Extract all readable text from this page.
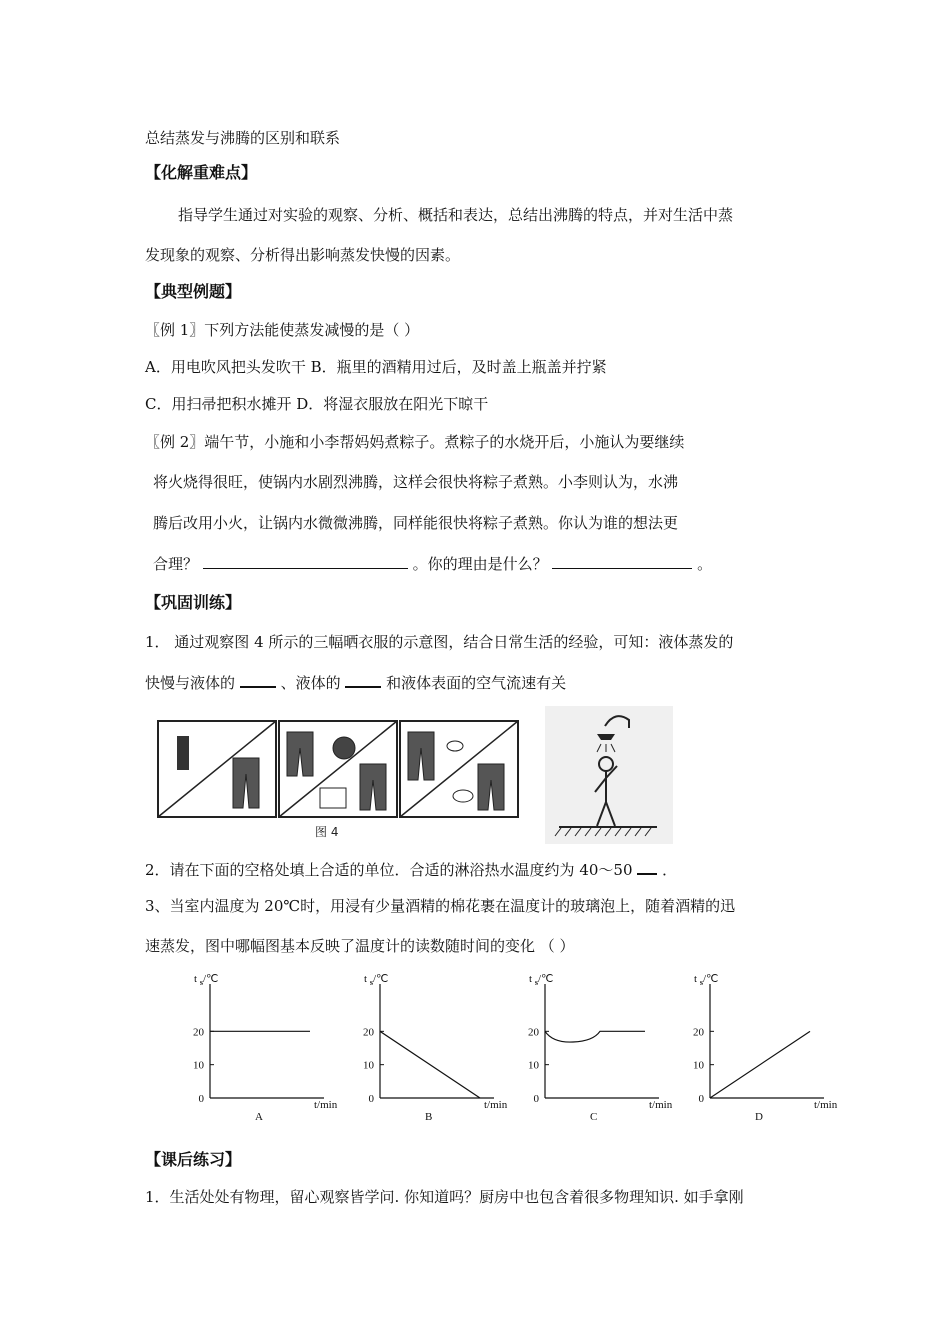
总结蒸发与沸腾的区别和联系
【化解重难点】
指导学生通过对实验的观察、分析、概括和表达，总结出沸腾的特点，并对生活中蒸
发现象的观察、分析得出影响蒸发快慢的因素。
【典型例题】
〖例 1〗下列方法能使蒸发减慢的是（ ）
A．用电吹风把头发吹干 B．瓶里的酒精用过后，及时盖上瓶盖并拧紧
C．用扫帚把积水摊开 D．将湿衣服放在阳光下晾干
〖例 2〗端午节，小施和小李帮妈妈煮粽子。煮粽子的水烧开后，小施认为要继续
将火烧得很旺，使锅内水剧烈沸腾，这样会很快将粽子煮熟。小李则认为，水沸
腾后改用小火，让锅内水微微沸腾，同样能很快将粽子煮熟。你认为谁的想法更
合理？	。你的理由是什么？	。
【巩固训练】
1． 通过观察图 4 所示的三幅晒衣服的示意图，结合日常生活的经验，可知：液体蒸发的
快慢与液体的	、液体的	和液体表面的空气流速有关
图 4
2．请在下面的空格处填上合适的单位．合适的淋浴热水温度约为 40～50 ．
3、当室内温度为 20℃时，用浸有少量酒精的棉花裹在温度计的玻璃泡上，随着酒精的迅
速蒸发，图中哪幅图基本反映了温度计的读数随时间的变化 （ ）
t $_s$/℃
t/min
0
10
20
A
t $_s$/℃
t/min
0
10
20
B
t $_s$/℃
t/min
0
10
20
C
t $_s$/℃
t/min
0
10
20
D
【课后练习】
1．生活处处有物理，留心观察皆学问. 你知道吗？厨房中也包含着很多物理知识. 如手拿刚
